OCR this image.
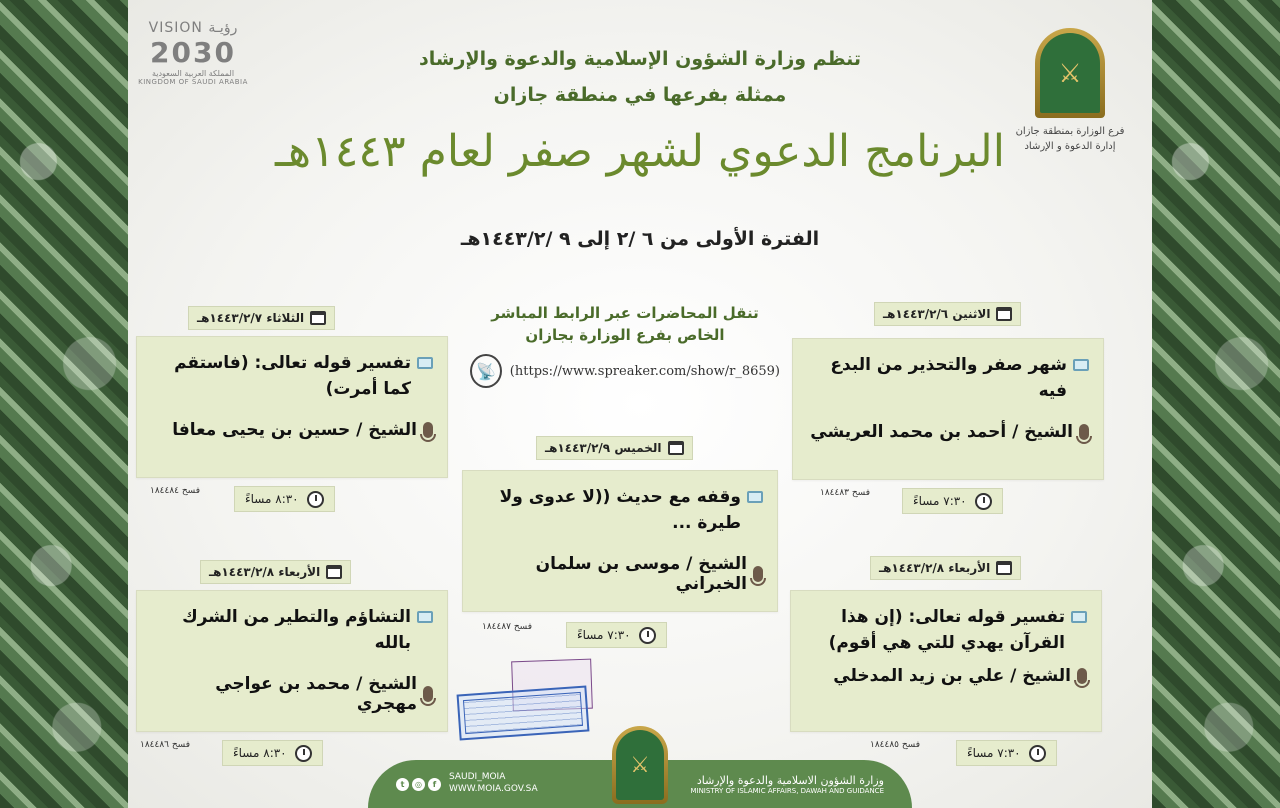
VISION رؤيـة
2030
المملكة العربية السعودية
KINGDOM OF SAUDI ARABIA
⚔
فرع الوزارة بمنطقة جازان
إدارة الدعوة و الإرشاد
تنظم وزارة الشؤون الإسلامية والدعوة والإرشاد
ممثلة بفرعها في منطقة جازان
البرنامج الدعوي لشهر صفر لعام ١٤٤٣هـ
الفترة الأولى من ٦ /٢ إلى ٩ /١٤٤٣/٢هـ
تنقل المحاضرات عبر الرابط المباشر
الخاص بفرع الوزارة بجازان
(https://www.spreaker.com/show/r_8659)
📡
الاثنين ١٤٤٣/٢/٦هـ
شهر صفر والتحذير من البدع فيه
الشيخ / أحمد بن محمد العريشي
٧:٣٠ مساءً
فسح ١٨٤٤٨٣
الثلاثاء ١٤٤٣/٢/٧هـ
تفسير قوله تعالى: (فاستقم كما أمرت)
الشيخ / حسين بن يحيى معافا
٨:٣٠ مساءً
فسح ١٨٤٤٨٤
الخميس ١٤٤٣/٢/٩هـ
وقفه مع حديث ((لا عدوى ولا طيرة ...
الشيخ / موسى بن سلمان الخبراني
٧:٣٠ مساءً
فسح ١٨٤٤٨٧
الأربعاء ١٤٤٣/٢/٨هـ
تفسير قوله تعالى: (إن هذا القرآن يهدي للتي هي أقوم)
الشيخ / علي بن زيد المدخلي
٧:٣٠ مساءً
فسح ١٨٤٤٨٥
الأربعاء ١٤٤٣/٢/٨هـ
التشاؤم والتطير من الشرك بالله
الشيخ / محمد بن عواجي مهجري
٨:٣٠ مساءً
فسح ١٨٤٤٨٦
وزارة الشؤون الاسلامية والدعوة والإرشاد
MINISTRY OF ISLAMIC AFFAIRS, DAWAH AND GUIDANCE
t	◎	f
SAUDI_MOIA
WWW.MOIA.GOV.SA
⚔
